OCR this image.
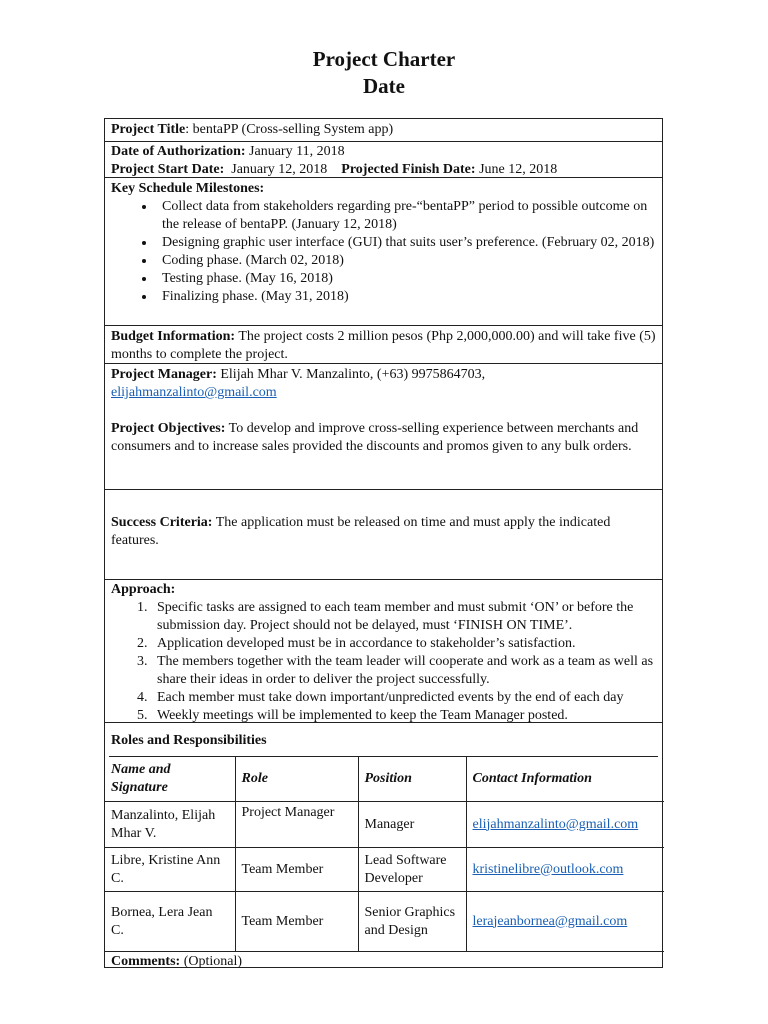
Project Charter
Date
Project Title: bentaPP (Cross-selling System app)
Date of Authorization: January 11, 2018
Project Start Date: January 12, 2018 Projected Finish Date: June 12, 2018
Key Schedule Milestones:
• Collect data from stakeholders regarding pre-“bentaPP” period to possible outcome on the release of bentaPP. (January 12, 2018)
• Designing graphic user interface (GUI) that suits user’s preference. (February 02, 2018)
• Coding phase. (March 02, 2018)
• Testing phase. (May 16, 2018)
• Finalizing phase. (May 31, 2018)
Budget Information: The project costs 2 million pesos (Php 2,000,000.00) and will take five (5) months to complete the project.
Project Manager: Elijah Mhar V. Manzalinto, (+63) 9975864703,
elijahmanzalinto@gmail.com
Project Objectives: To develop and improve cross-selling experience between merchants and consumers and to increase sales provided the discounts and promos given to any bulk orders.
Success Criteria: The application must be released on time and must apply the indicated features.
Approach:
1. Specific tasks are assigned to each team member and must submit ‘ON’ or before the submission day. Project should not be delayed, must ‘FINISH ON TIME’.
2. Application developed must be in accordance to stakeholder’s satisfaction.
3. The members together with the team leader will cooperate and work as a team as well as share their ideas in order to deliver the project successfully.
4. Each member must take down important/unpredicted events by the end of each day
5. Weekly meetings will be implemented to keep the Team Manager posted.
Roles and Responsibilities
Name and Signature	Role	Position	Contact Information
Manzalinto, Elijah Mhar V.	Project Manager	Manager	elijahmanzalinto@gmail.com
Libre, Kristine Ann C.	Team Member	Lead Software Developer	kristinelibre@outlook.com
Bornea, Lera Jean C.	Team Member	Senior Graphics and Design	lerajeanbornea@gmail.com
Comments: (Optional)			
